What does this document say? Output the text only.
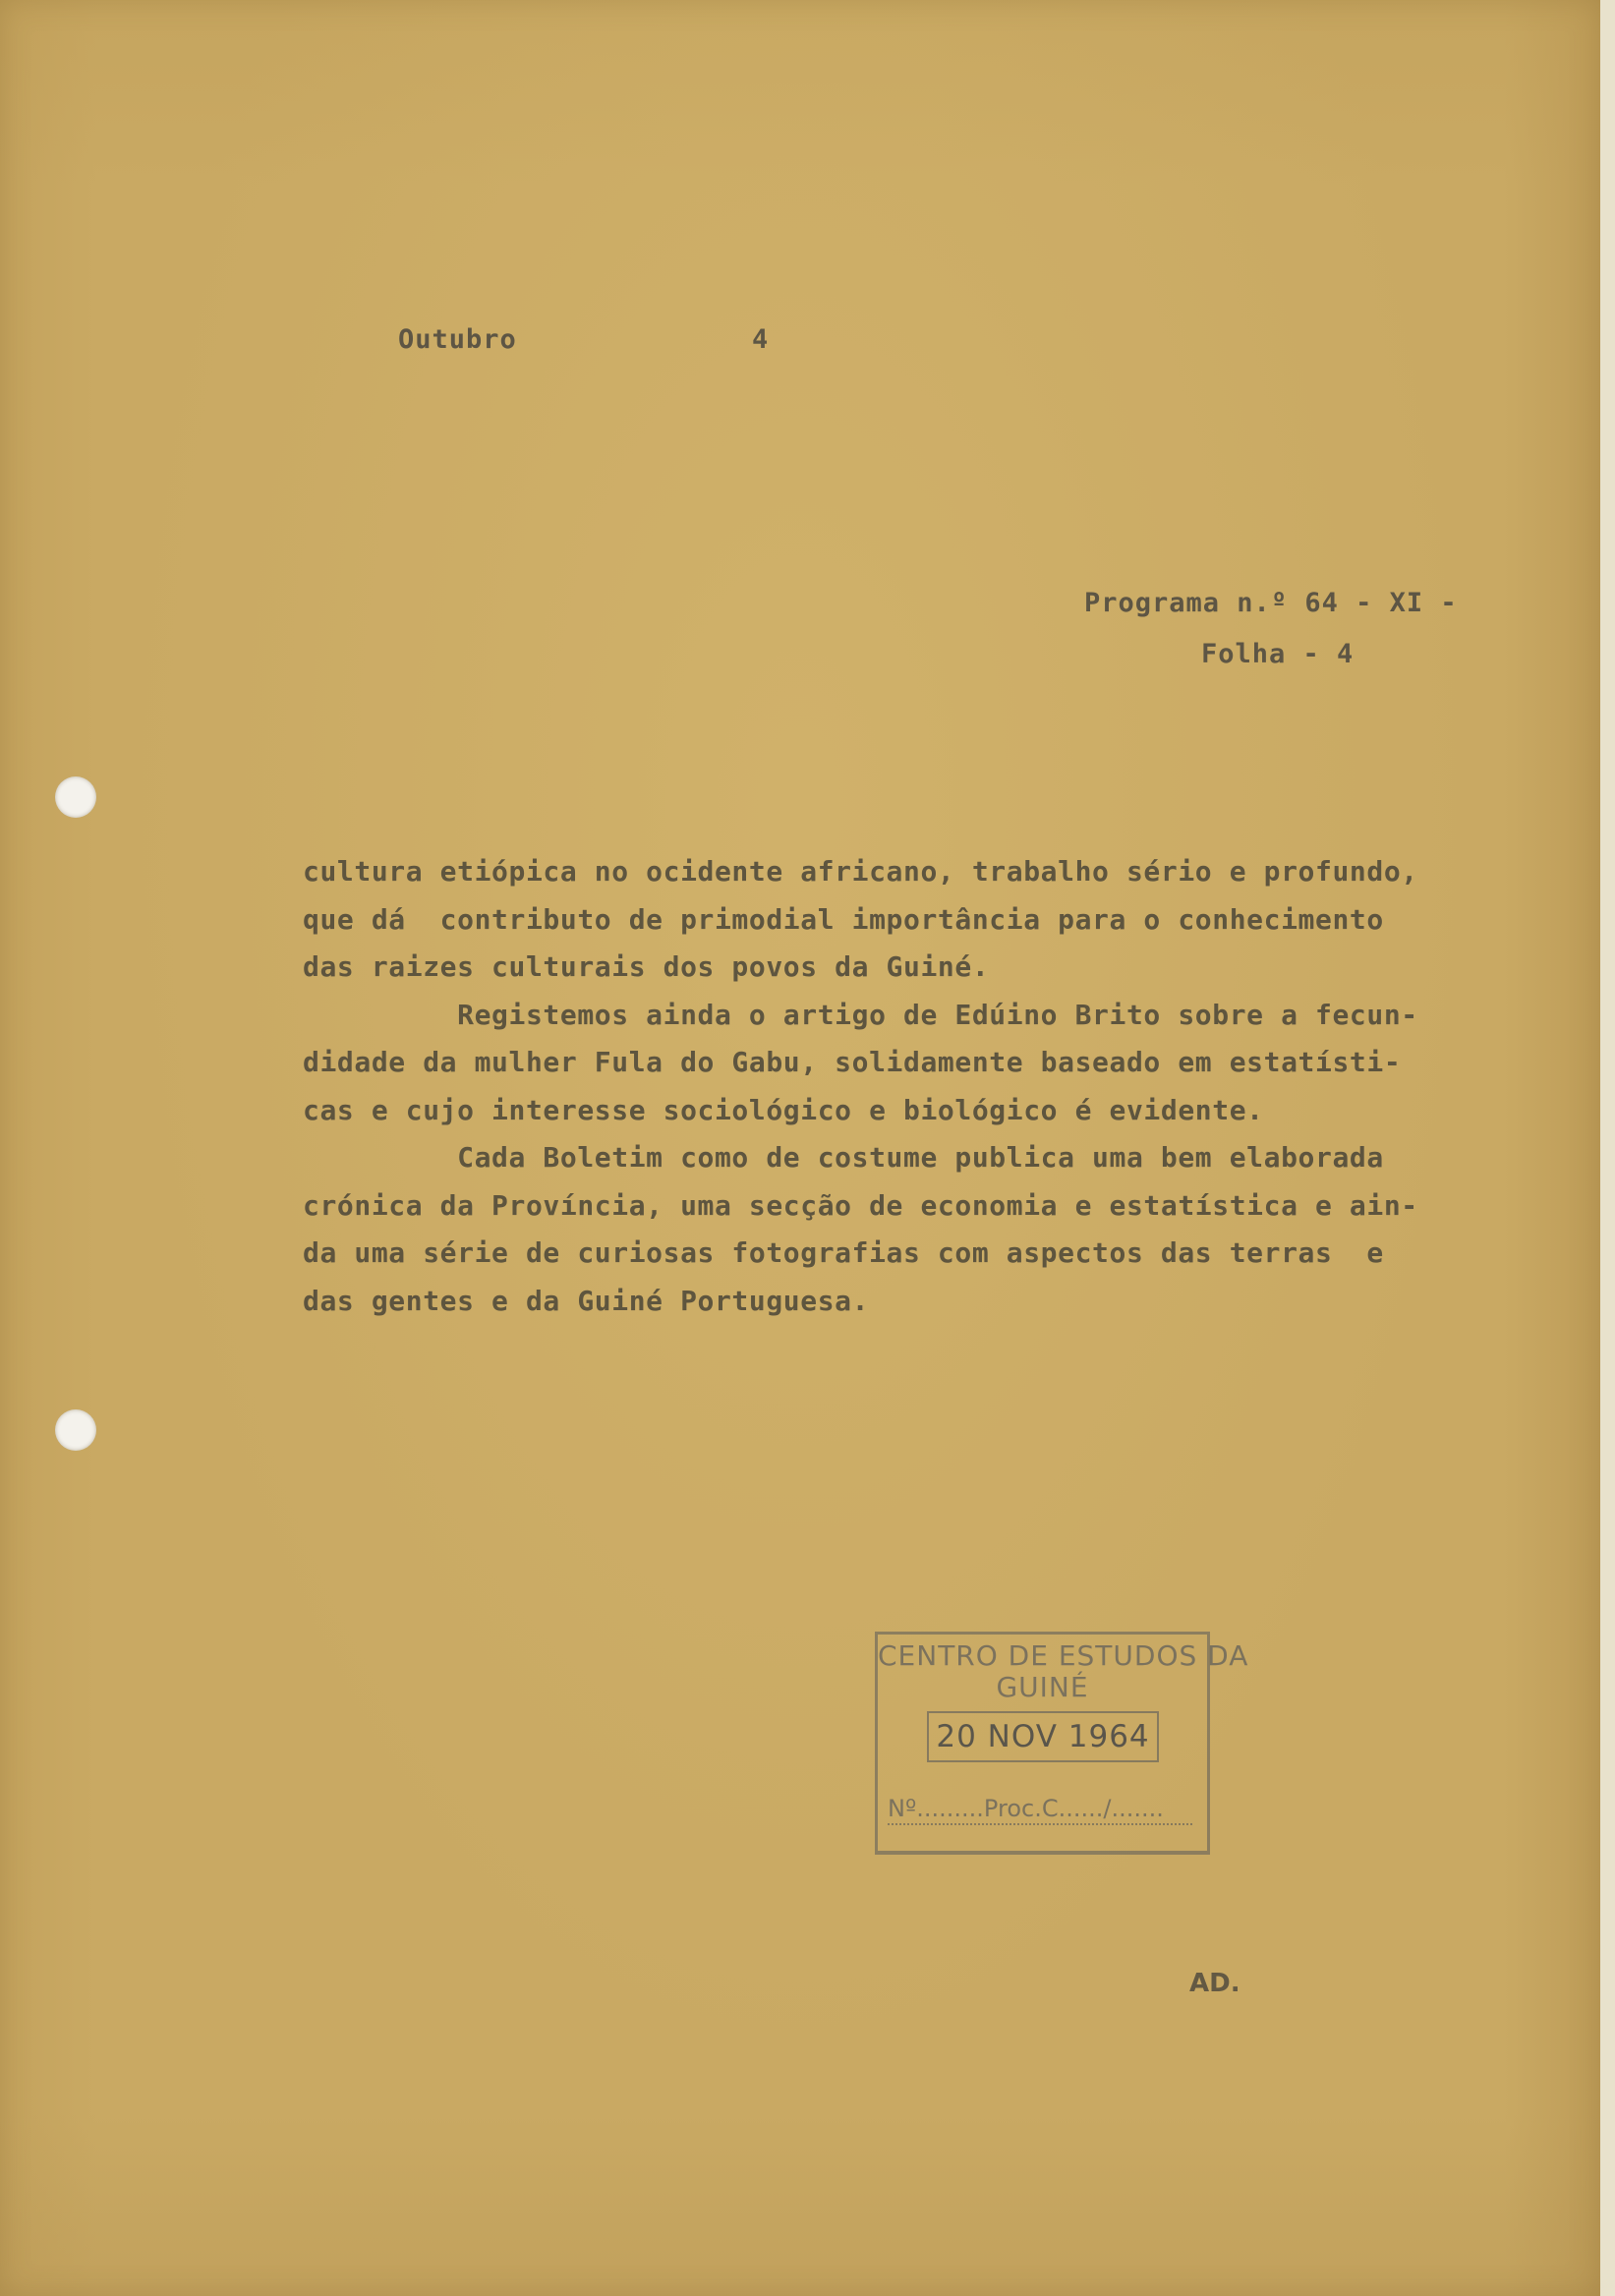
Outubro	4
Programa n.º 64 - XI -
Folha - 4
cultura etiópica no ocidente africano, trabalho sério e profundo,
que dá  contributo de primodial importância para o conhecimento
das raizes culturais dos povos da Guiné.
Registemos ainda o artigo de Edúino Brito sobre a fecun-
didade da mulher Fula do Gabu, solidamente baseado em estatísti-
cas e cujo interesse sociológico e biológico é evidente.
Cada Boletim como de costume publica uma bem elaborada
crónica da Província, uma secção de economia e estatística e ain-
da uma série de curiosas fotografias com aspectos das terras  e
das gentes e da Guiné Portuguesa.
CENTRO DE ESTUDOS DA
GUINÉ
20 NOV 1964
Nº.........Proc.C....../.......
AD.
